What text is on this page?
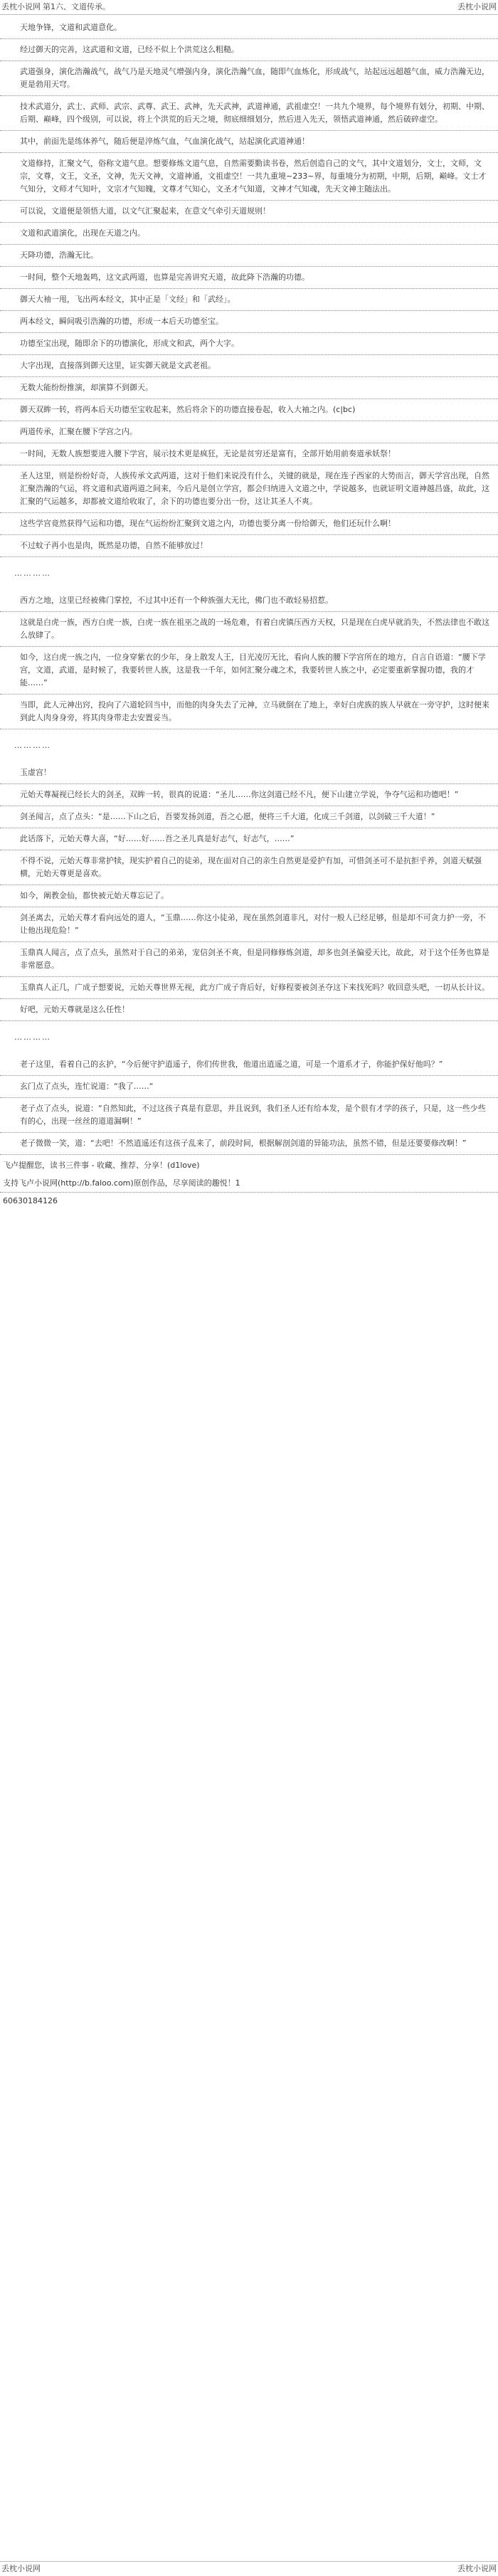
丢枕小说网 第1六、文道传承。	丢枕小说网

天地争锋，文道和武道意化。

经过御天的完善，这武道和文道，已经不似上个洪荒这么粗糙。

武道强身，演化浩瀚战气，战气乃是天地灵气增强内身，演化浩瀚气血，随即气血炼化，形成战气，站起远远超越气血，威力浩瀚无边，更是勃用天穹。

技术武道分，武士、武师、武宗、武尊、武王、武神，先天武神，武道神通，武祖虚空！一共九个境界，每个境界有划分，初期、中期、后期、巅峰，四个级别，可以说，将上个洪荒的后天之境，彻底细细划分，然后进入先天，领悟武道神通，然后破碎虚空。

其中，前面先是练体养气，随后便是淬炼气血，气血演化战气，站起演化武道神通！

文道修持，汇聚文气，俗称文道气息。想要修炼文道气息，自然需要勤读书卷，然后创造自己的文气，其中文道划分，文士，文师，文宗，文尊，文王，文圣，文神，先天文神，文道神通，文祖虚空！一共九重境~233~界，每重境分为初期，中期，后期，巅峰。文士才气知分，文师才气知叶，文宗才气知魄，文尊才气知心，文圣才气知道，文神才气知魂，先天文神主随法出。

可以说，文道便是领悟大道，以文气汇聚起来，在意文气牵引天道规则！

文道和武道演化，出现在天道之内。

天降功德，浩瀚无比。

一时间，整个天地轰鸣，这文武两道，也算是完善讲究天道，故此降下浩瀚的功德。

御天大袖一甩，飞出两本经文，其中正是「文经」和「武经」。

两本经文，瞬间吸引浩瀚的功德，形成一本后天功德至宝。

功德至宝出现，随即余下的功德演化，形成文和武，两个大字。

大字出现，直接落到御天这里，证实御天就是文武老祖。

无数大能纷纷推演，却演算不到御天。

御天双眸一转，将两本后天功德至宝收起来，然后将余下的功德直接卷起，收入大袖之内。(c|bc)

两道传承，汇聚在腰下学宫之内。

一时间，无数人族想要进入腰下学宫，展示技术更是疯狂，无论是贫穷还是富有，全部开始用前奏道承妖祭！

圣人这里，则是纷纷好奇，人族传承文武两道，这对于他们来说没有什么，关键的就是，现在连子西家的大势而言，御天学宫出现，自然汇聚浩瀚的气运，将文道和武道两道之间来，今后凡是创立学宫，都会归纳进入文道之中，学说越多，也就证明文道神越昌盛，故此，这汇聚的气运越多，却都被文道给收取了，余下的功德也要分出一份，这让其圣人不爽。

这些学宫竟然获得气运和功德，现在气运纷纷汇聚到文道之内，功德也要分离一份给御天，他们还玩什么啊！

不过蚊子再小也是肉，既然是功德，自然不能够放过！

…………

西方之地，这里已经被佛门掌控，不过其中还有一个种族强大无比，佛门也不敢轻易招惹。

这就是白虎一族，西方白虎一族，白虎一族在祖巫之战的一场危难，有着白虎镇压西方天权，只是现在白虎早就消失，不然法律也不敢这么放肆了。

如今，这白虎一族之内，一位身穿紫衣的少年，身上散发人王，目光凌厉无比，看向人族的腰下学宫所在的地方，自言自语道：“腰下学宫，文道，武道，是时候了，我要转世人族，这是我一千年，如何汇聚分魂之术，我要转世人族之中，必定要重新掌握功德，我的才能……”

当即，此人元神出窍，投向了六道轮回当中，而他的肉身失去了元神，立马就倒在了地上，幸好白虎族的族人早就在一旁守护，这时便来到此人肉身身旁，将其肉身带走去安置妥当。

…………

玉虚宫！

元始天尊凝视已经长大的剑圣，双眸一转，很真的说道：“圣儿……你这剑道已经不凡，便下山建立学说，争夺气运和功德吧！”

剑圣闻言，点了点头：“是……下山之后，吾要发扬剑道，吾之心愿，便将三千大道，化成三千剑道，以剑破三千大道！”

此话落下，元始天尊大喜，“好……好……吾之圣儿真是好志气，好志气，……”

不得不说，元始天尊非常护犊，现实护着自己的徒弟，现在面对自己的亲生自然更是爱护有加，可惜剑圣可不是抗拒乎养，剑道天赋强横，元始天尊更是喜欢。

如今，阐教金仙，都快被元始天尊忘记了。

剑圣离去，元始天尊才看向远处的道人，“玉鼎……你这小徒弟，现在虽然剑道非凡，对付一般人已经足够，但是却不可贪力护一旁，不让他出现危险！”

玉鼎真人闻言，点了点头，虽然对于自己的弟弟，宠信剑圣不爽，但是同修修炼剑道，却多也剑圣偏爱天比，故此，对于这个任务也算是非常愿意。

玉鼎真人正几，广成子想要说，元始天尊世界无视，此方广成子背后好，好修程要被剑圣夺这下来找死吗？收回意头吧，一切从长计议。

好吧，元始天尊就是这么任性！

…………

老子这里，看着自己的玄护，“今后便守护逍遥子，你们传世我，他道出逍遥之道，可是一个道系才子，你能护保好他吗？”

玄门点了点头，连忙说道：“我了……“

老子点了点头，说道：“自然知此，不过这孩子真是有意思，并且说到，我们圣人还有给本发，是个很有才学的孩子，只是，这一些少些有的心，出现一丝丝的道道漏啊！”

老子微微一笑，道：“去吧！不然逍遥还有这孩子乱来了，前段时间，根据解剖剑道的异能功法，虽然不错，但是还要要修改啊！”

飞卢提醒您，读书三件事 - 收藏、推荐、分享！(d1love)

支持飞卢小说网(http://b.faloo.com)原创作品，尽享阅读的趣悦！1

60630184126

丢枕小说网	丢枕小说网
